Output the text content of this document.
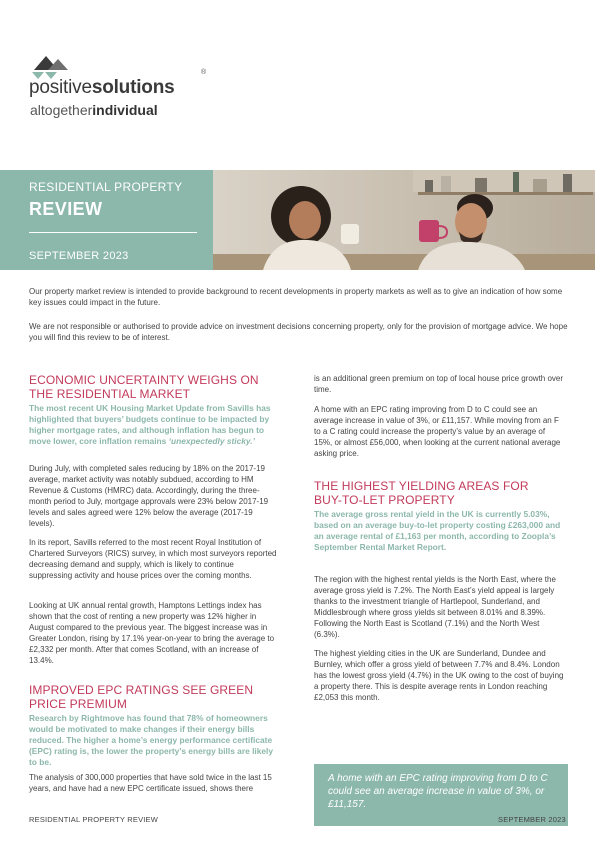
positivesolutions
®
altogetherindividual
RESIDENTIAL PROPERTY
REVIEW
SEPTEMBER 2023
Our property market review is intended to provide background to recent developments in property markets as well as to give an indication of how some key issues could impact in the future.
We are not responsible or authorised to provide advice on investment decisions concerning property, only for the provision of mortgage advice. We hope you will find this review to be of interest.
ECONOMIC UNCERTAINTY WEIGHS ON
THE RESIDENTIAL MARKET
The most recent UK Housing Market Update from Savills has highlighted that buyers’ budgets continue to be impacted by higher mortgage rates, and although inflation has begun to move lower, core inflation remains ‘unexpectedly sticky.’
During July, with completed sales reducing by 18% on the 2017-19 average, market activity was notably subdued, according to HM Revenue & Customs (HMRC) data. Accordingly, during the three-month period to July, mortgage approvals were 23% below 2017-19 levels and sales agreed were 12% below the average (2017-19 levels).
In its report, Savills referred to the most recent Royal Institution of Chartered Surveyors (RICS) survey, in which most surveyors reported decreasing demand and supply, which is likely to continue suppressing activity and house prices over the coming months.
Looking at UK annual rental growth, Hamptons Lettings index has shown that the cost of renting a new property was 12% higher in August compared to the previous year. The biggest increase was in Greater London, rising by 17.1% year-on-year to bring the average to £2,332 per month. After that comes Scotland, with an increase of 13.4%.
IMPROVED EPC RATINGS SEE GREEN
PRICE PREMIUM
Research by Rightmove has found that 78% of homeowners would be motivated to make changes if their energy bills reduced. The higher a home’s energy performance certificate (EPC) rating is, the lower the property’s energy bills are likely to be.
The analysis of 300,000 properties that have sold twice in the last 15 years, and have had a new EPC certificate issued, shows there
is an additional green premium on top of local house price growth over time.
A home with an EPC rating improving from D to C could see an average increase in value of 3%, or £11,157. While moving from an F to a C rating could increase the property’s value by an average of 15%, or almost £56,000, when looking at the current national average asking price.
THE HIGHEST YIELDING AREAS FOR
BUY-TO-LET PROPERTY
The average gross rental yield in the UK is currently 5.03%, based on an average buy-to-let property costing £263,000 and an average rental of £1,163 per month, according to Zoopla’s September Rental Market Report.
The region with the highest rental yields is the North East, where the average gross yield is 7.2%. The North East’s yield appeal is largely thanks to the investment triangle of Hartlepool, Sunderland, and Middlesbrough where gross yields sit between 8.01% and 8.39%. Following the North East is Scotland (7.1%) and the North West (6.3%).
The highest yielding cities in the UK are Sunderland, Dundee and Burnley, which offer a gross yield of between 7.7% and 8.4%. London has the lowest gross yield (4.7%) in the UK owing to the cost of buying a property there. This is despite average rents in London reaching £2,053 this month.
A home with an EPC rating improving from D to C could see an average increase in value of 3%, or £11,157.
RESIDENTIAL PROPERTY REVIEW	SEPTEMBER 2023
